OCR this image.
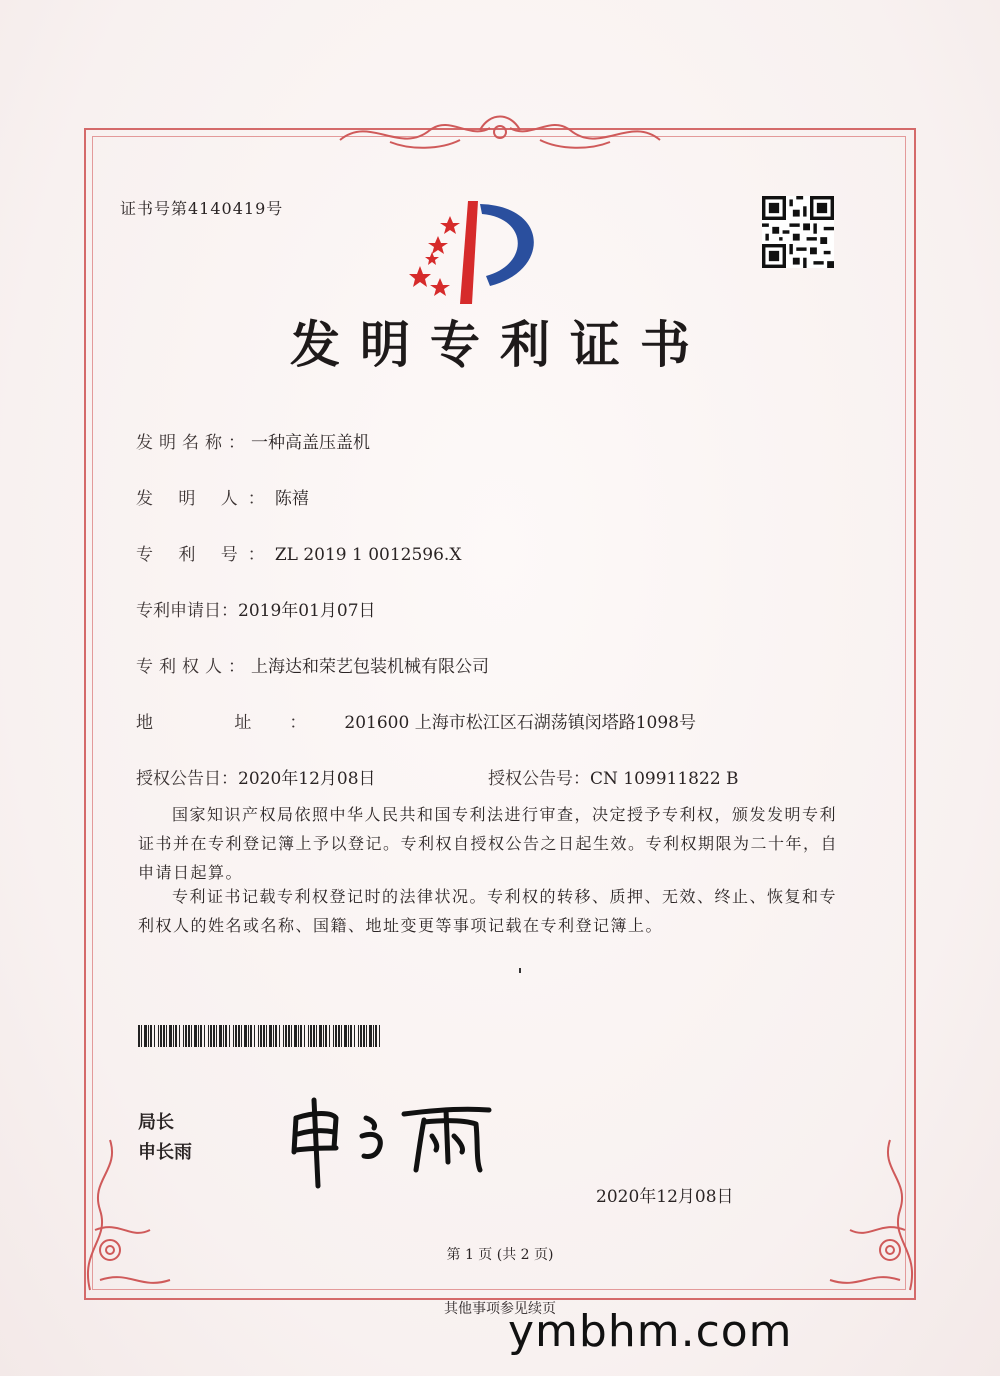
证书号第4140419号
发明专利证书
发明名称：一种高盖压盖机
发 明 人：陈禧
专 利 号：ZL 2019 1 0012596.X
专利申请日：2019年01月07日
专利权人：上海达和荣艺包装机械有限公司
地 址：201600 上海市松江区石湖荡镇闵塔路1098号
授权公告日：2020年12月08日	授权公告号：CN 109911822 B
国家知识产权局依照中华人民共和国专利法进行审查，决定授予专利权，颁发发明专利证书并在专利登记簿上予以登记。专利权自授权公告之日起生效。专利权期限为二十年，自申请日起算。
专利证书记载专利权登记时的法律状况。专利权的转移、质押、无效、终止、恢复和专利权人的姓名或名称、国籍、地址变更等事项记载在专利登记簿上。
局长
申长雨
2020年12月08日
第 1 页 (共 2 页)
其他事项参见续页
ymbhm.com
